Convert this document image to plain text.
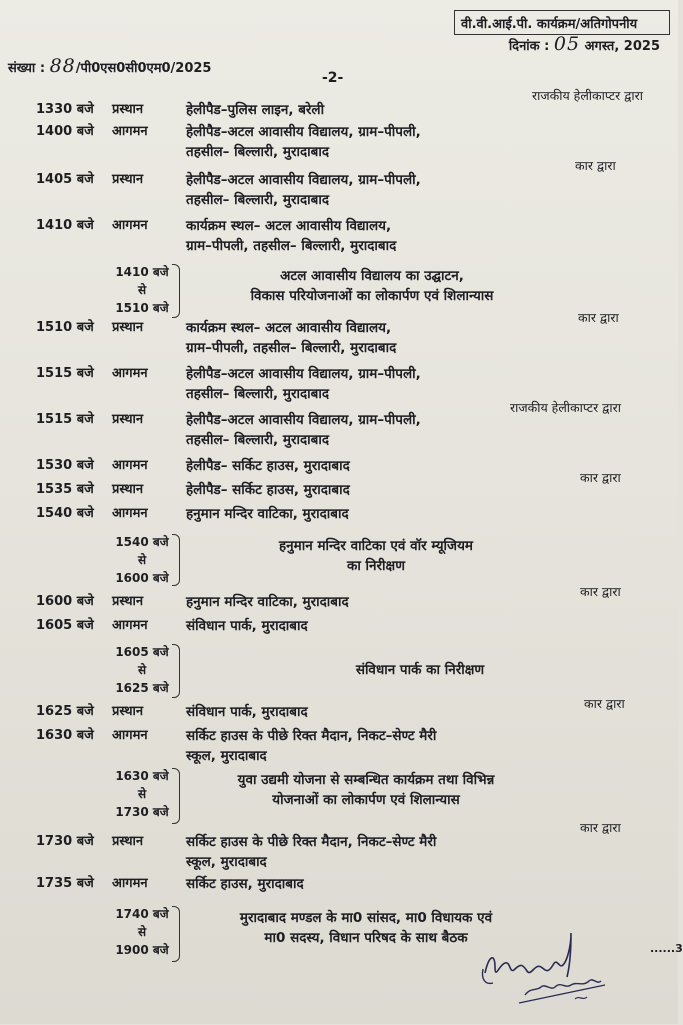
वी.वी.आई.पी. कार्यक्रम/अतिगोपनीय
दिनांक : 05 अगस्त, 2025
संख्या : 88/पी0एस0सी0एम0/2025
-2-
1330 बजे प्रस्थान	हेलीपैड–पुलिस लाइन, बरेली
राजकीय हेलीकाप्टर द्वारा
1400 बजे आगमन	हेलीपैड–अटल आवासीय विद्यालय, ग्राम–पीपली,
तहसील– बिल्लारी, मुरादाबाद
1405 बजे प्रस्थान	हेलीपैड–अटल आवासीय विद्यालय, ग्राम–पीपली,
तहसील– बिल्लारी, मुरादाबाद
कार द्वारा
1410 बजे आगमन	कार्यक्रम स्थल– अटल आवासीय विद्यालय,
ग्राम–पीपली, तहसील– बिल्लारी, मुरादाबाद
1410 बजे
से
1510 बजे
अटल आवासीय विद्यालय का उद्घाटन,
विकास परियोजनाओं का लोकार्पण एवं शिलान्यास
1510 बजे प्रस्थान	कार्यक्रम स्थल– अटल आवासीय विद्यालय,
ग्राम–पीपली, तहसील– बिल्लारी, मुरादाबाद
कार द्वारा
1515 बजे आगमन	हेलीपैड–अटल आवासीय विद्यालय, ग्राम–पीपली,
तहसील– बिल्लारी, मुरादाबाद
1515 बजे प्रस्थान	हेलीपैड–अटल आवासीय विद्यालय, ग्राम–पीपली,
तहसील– बिल्लारी, मुरादाबाद
राजकीय हेलीकाप्टर द्वारा
1530 बजे आगमन	हेलीपैड– सर्किट हाउस, मुरादाबाद
1535 बजे प्रस्थान	हेलीपैड– सर्किट हाउस, मुरादाबाद
कार द्वारा
1540 बजे आगमन	हनुमान मन्दिर वाटिका, मुरादाबाद
1540 बजे
से
1600 बजे
हनुमान मन्दिर वाटिका एवं वॉर म्यूजियम
का निरीक्षण
1600 बजे प्रस्थान	हनुमान मन्दिर वाटिका, मुरादाबाद
कार द्वारा
1605 बजे आगमन	संविधान पार्क, मुरादाबाद
1605 बजे
से
1625 बजे
संविधान पार्क का निरीक्षण
1625 बजे प्रस्थान	संविधान पार्क, मुरादाबाद
कार द्वारा
1630 बजे आगमन	सर्किट हाउस के पीछे रिक्त मैदान, निकट–सेण्ट मैरी
स्कूल, मुरादाबाद
1630 बजे
से
1730 बजे
युवा उद्यमी योजना से सम्बन्धित कार्यक्रम तथा विभिन्न
योजनाओं का लोकार्पण एवं शिलान्यास
1730 बजे प्रस्थान	सर्किट हाउस के पीछे रिक्त मैदान, निकट–सेण्ट मैरी
स्कूल, मुरादाबाद
कार द्वारा
1735 बजे आगमन	सर्किट हाउस, मुरादाबाद
1740 बजे
से
1900 बजे
मुरादाबाद मण्डल के मा0 सांसद, मा0 विधायक एवं
मा0 सदस्य, विधान परिषद के साथ बैठक
......3
